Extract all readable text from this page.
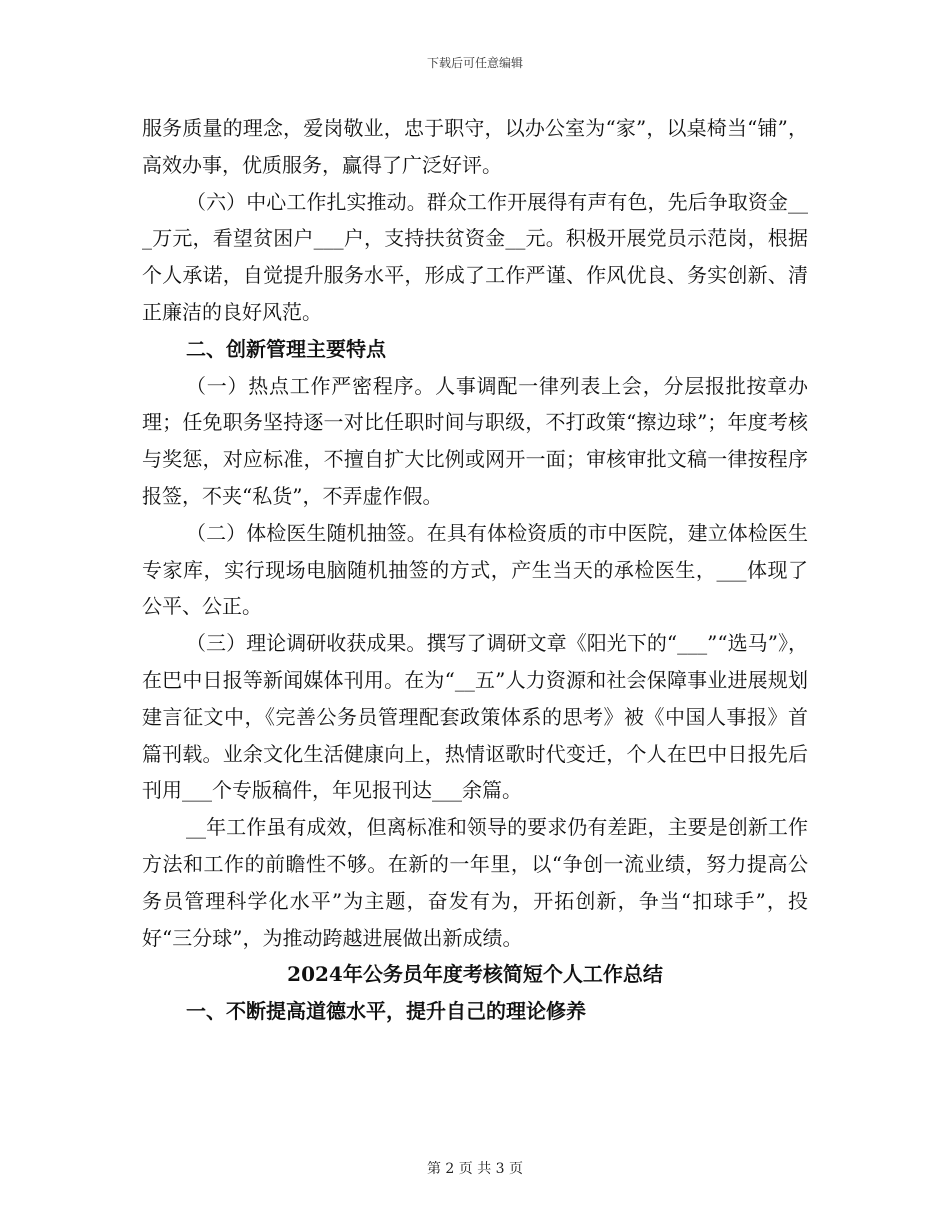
下载后可任意编辑

服务质量的理念，爱岗敬业，忠于职守，以办公室为“家”，以桌椅当“铺”，高效办事，优质服务，赢得了广泛好评。

（六）中心工作扎实推动。群众工作开展得有声有色，先后争取资金___万元，看望贫困户___户，支持扶贫资金__元。积极开展党员示范岗，根据个人承诺，自觉提升服务水平，形成了工作严谨、作风优良、务实创新、清正廉洁的良好风范。

二、创新管理主要特点

（一）热点工作严密程序。人事调配一律列表上会，分层报批按章办理；任免职务坚持逐一对比任职时间与职级，不打政策“擦边球”；年度考核与奖惩，对应标准，不擅自扩大比例或网开一面；审核审批文稿一律按程序报签，不夹“私货”，不弄虚作假。

（二）体检医生随机抽签。在具有体检资质的市中医院，建立体检医生专家库，实行现场电脑随机抽签的方式，产生当天的承检医生，___体现了公平、公正。

（三）理论调研收获成果。撰写了调研文章《阳光下的“___”“选马”》，在巴中日报等新闻媒体刊用。在为“__五”人力资源和社会保障事业进展规划建言征文中，《完善公务员管理配套政策体系的思考》被《中国人事报》首篇刊载。业余文化生活健康向上，热情讴歌时代变迁，个人在巴中日报先后刊用___个专版稿件，年见报刊达___余篇。

__年工作虽有成效，但离标准和领导的要求仍有差距，主要是创新工作方法和工作的前瞻性不够。在新的一年里，以“争创一流业绩，努力提高公务员管理科学化水平”为主题，奋发有为，开拓创新，争当“扣球手”，投好“三分球”，为推动跨越进展做出新成绩。

2024年公务员年度考核简短个人工作总结

一、不断提高道德水平，提升自己的理论修养

第 2 页 共 3 页
